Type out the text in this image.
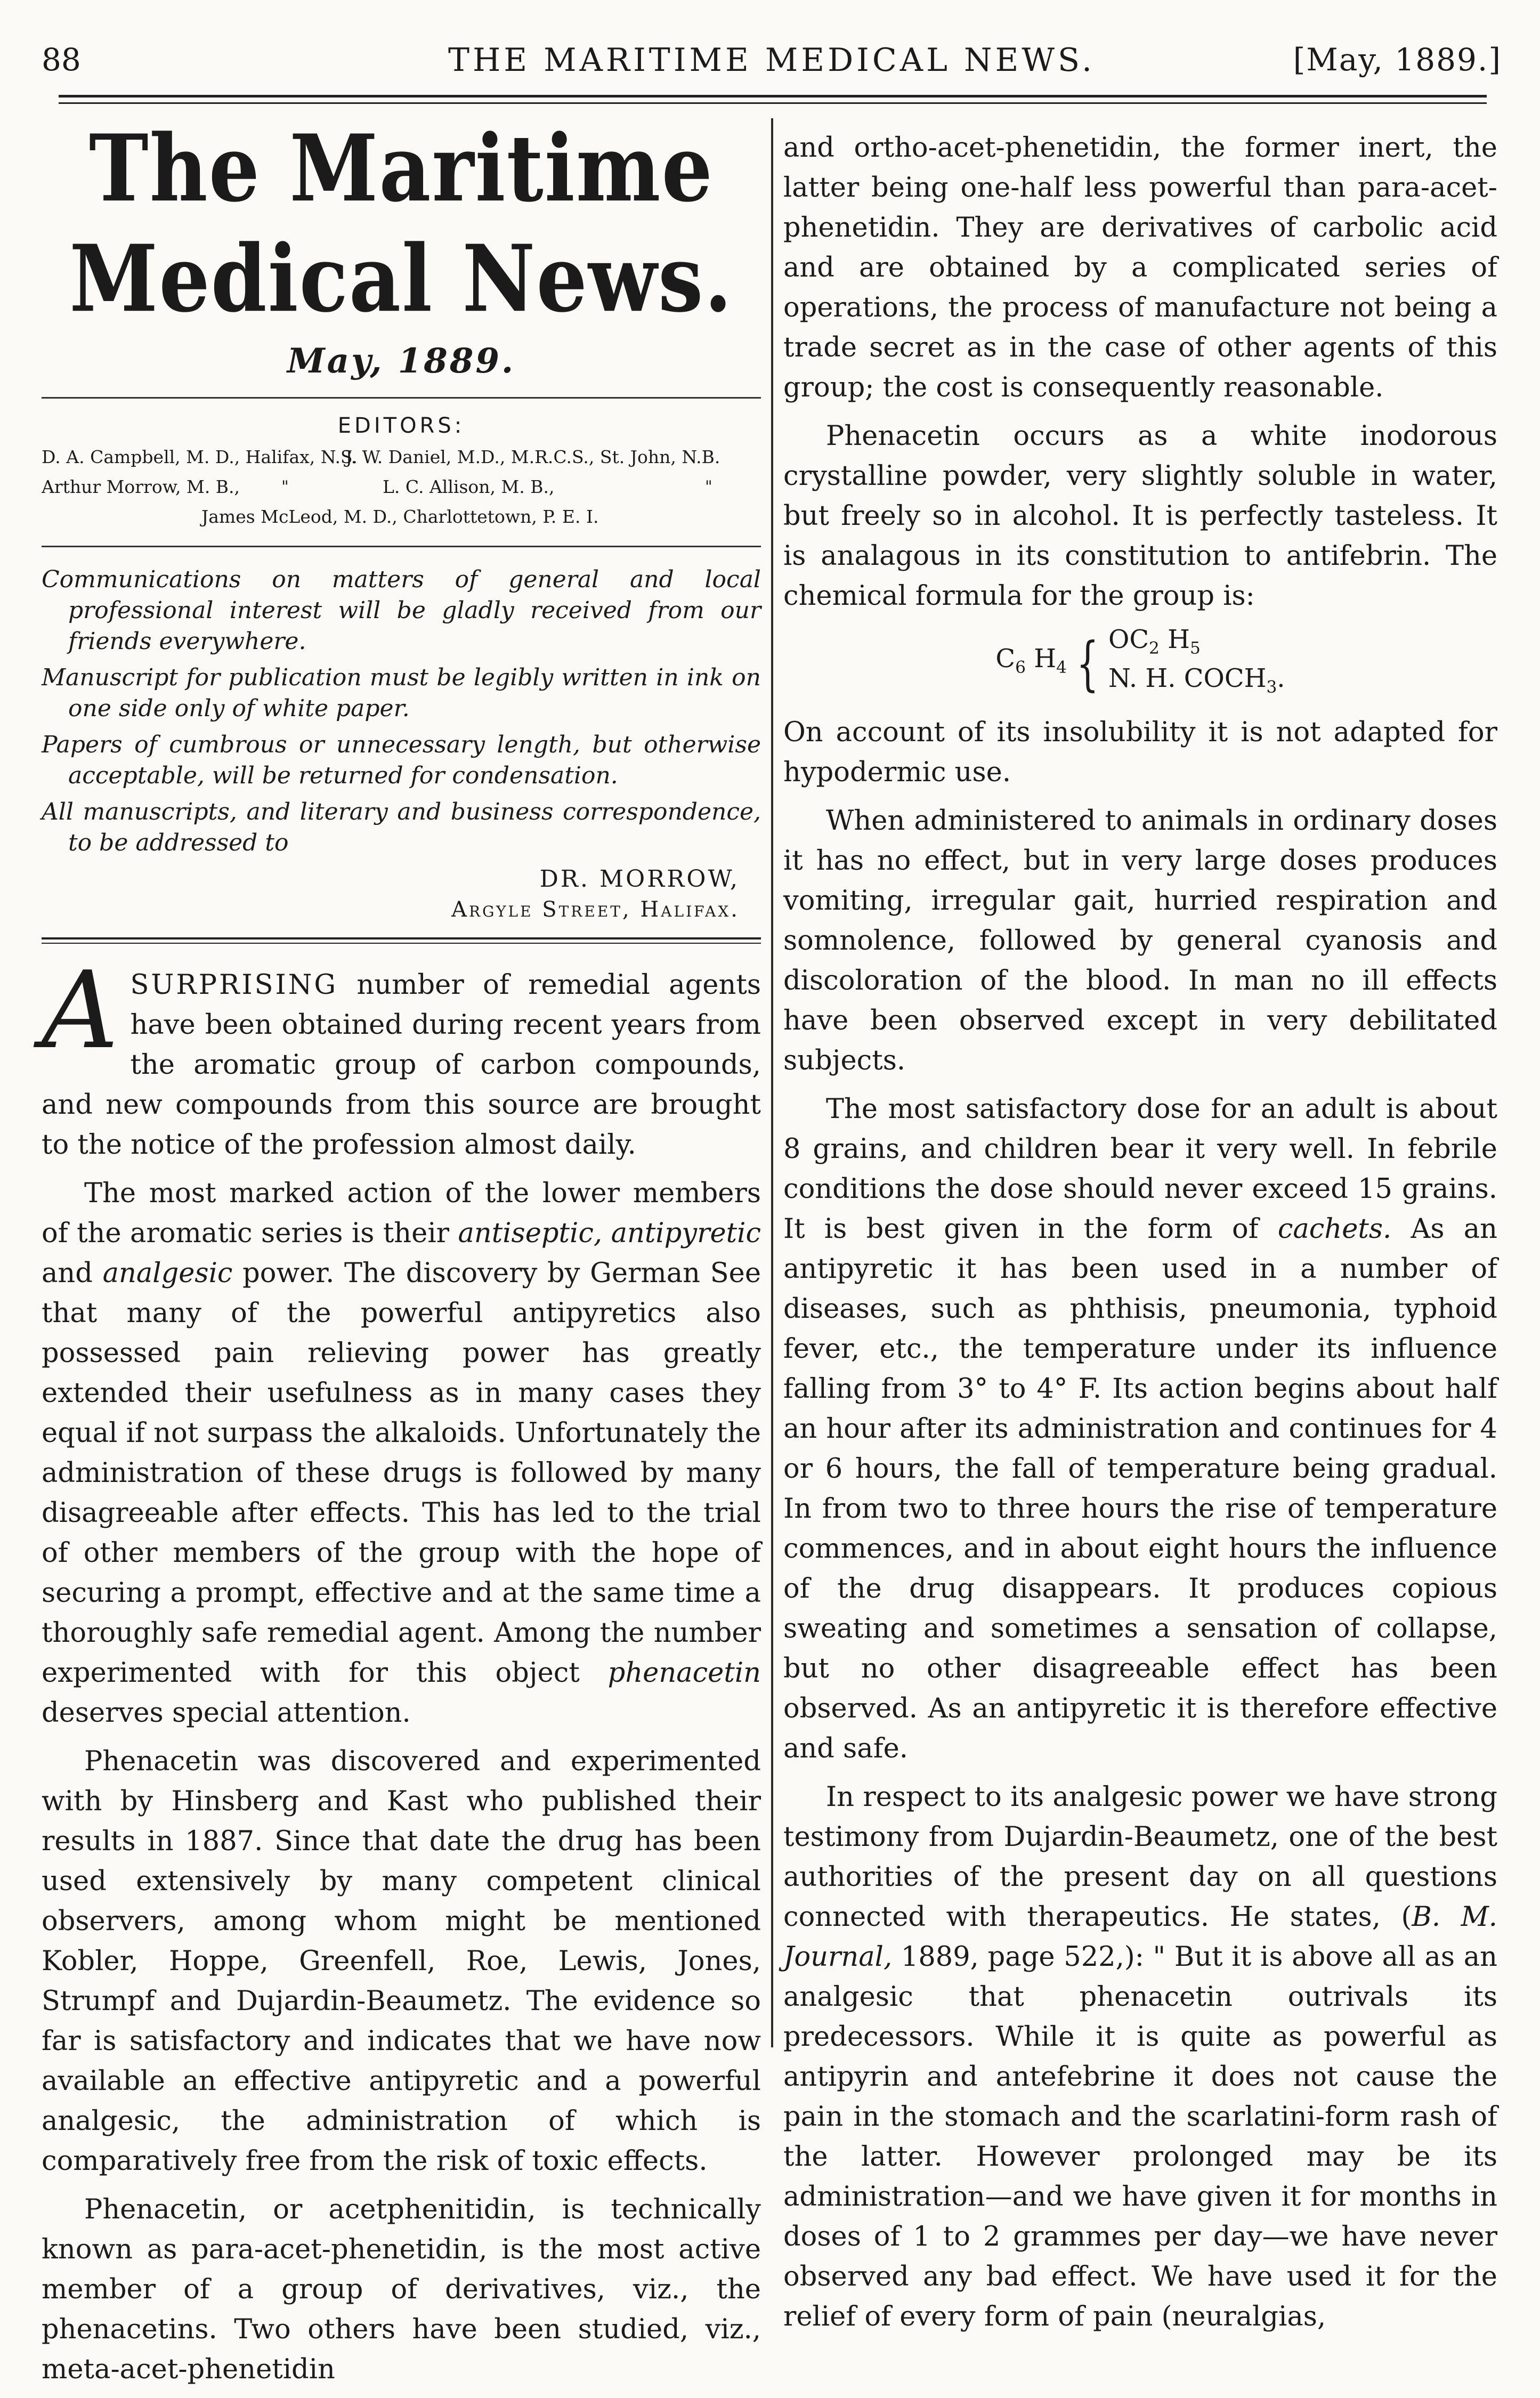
88	THE MARITIME MEDICAL NEWS.	[May, 1889.]
The Maritime Medical News.
May, 1889.
EDITORS:
D. A. Campbell, M. D., Halifax, N.S.
J. W. Daniel, M.D., M.R.C.S., St. John, N.B.
Arthur Morrow, M. B.,	"	L. C. Allison, M. B.,	"
James McLeod, M. D., Charlottetown, P. E. I.

Communications on matters of general and local professional interest will be gladly received from our friends everywhere.

Manuscript for publication must be legibly written in ink on one side only of white paper.

Papers of cumbrous or unnecessary length, but otherwise acceptable, will be returned for condensation.

All manuscripts, and literary and business correspondence, to be addressed to

DR. MORROW,
Argyle Street, Halifax.

ASURPRISING number of remedial agents have been obtained during recent years from the aromatic group of carbon compounds, and new compounds from this source are brought to the notice of the profession almost daily.

The most marked action of the lower members of the aromatic series is their antiseptic, antipyretic and analgesic power. The discovery by German See that many of the powerful antipyretics also possessed pain relieving power has greatly extended their usefulness as in many cases they equal if not surpass the alkaloids. Unfortunately the administration of these drugs is followed by many disagreeable after effects. This has led to the trial of other members of the group with the hope of securing a prompt, effective and at the same time a thoroughly safe remedial agent. Among the number experimented with for this object phenacetin deserves special attention.

Phenacetin was discovered and experimented with by Hinsberg and Kast who published their results in 1887. Since that date the drug has been used extensively by many competent clinical observers, among whom might be mentioned Kobler, Hoppe, Greenfell, Roe, Lewis, Jones, Strumpf and Dujardin-Beaumetz. The evidence so far is satisfactory and indicates that we have now available an effective antipyretic and a powerful analgesic, the administration of which is comparatively free from the risk of toxic effects.

Phenacetin, or acetphenitidin, is technically known as para-acet-phenetidin, is the most active member of a group of derivatives, viz., the phenacetins. Two others have been studied, viz., meta-acet-phenetidin

and ortho-acet-phenetidin, the former inert, the latter being one-half less powerful than para-acet-phenetidin. They are derivatives of carbolic acid and are obtained by a complicated series of operations, the process of manufacture not being a trade secret as in the case of other agents of this group; the cost is consequently reasonable.

Phenacetin occurs as a white inodorous crystalline powder, very slightly soluble in water, but freely so in alcohol. It is perfectly tasteless. It is analagous in its constitution to antifebrin. The chemical formula for the group is:

$C_6$ $H_4$ { $OC_2$ $H_5$
N. H. $COCH_3$.

On account of its insolubility it is not adapted for hypodermic use.

When administered to animals in ordinary doses it has no effect, but in very large doses produces vomiting, irregular gait, hurried respiration and somnolence, followed by general cyanosis and discoloration of the blood. In man no ill effects have been observed except in very debilitated subjects.

The most satisfactory dose for an adult is about 8 grains, and children bear it very well. In febrile conditions the dose should never exceed 15 grains. It is best given in the form of cachets. As an antipyretic it has been used in a number of diseases, such as phthisis, pneumonia, typhoid fever, etc., the temperature under its influence falling from 3° to 4° F. Its action begins about half an hour after its administration and continues for 4 or 6 hours, the fall of temperature being gradual. In from two to three hours the rise of temperature commences, and in about eight hours the influence of the drug disappears. It produces copious sweating and sometimes a sensation of collapse, but no other disagreeable effect has been observed. As an antipyretic it is therefore effective and safe.

In respect to its analgesic power we have strong testimony from Dujardin-Beaumetz, one of the best authorities of the present day on all questions connected with therapeutics. He states, (B. M. Journal, 1889, page 522,): " But it is above all as an analgesic that phenacetin outrivals its predecessors. While it is quite as powerful as antipyrin and antefebrine it does not cause the pain in the stomach and the scarlatini-form rash of the latter. However prolonged may be its administration—and we have given it for months in doses of 1 to 2 grammes per day—we have never observed any bad effect. We have used it for the relief of every form of pain (neuralgias,
